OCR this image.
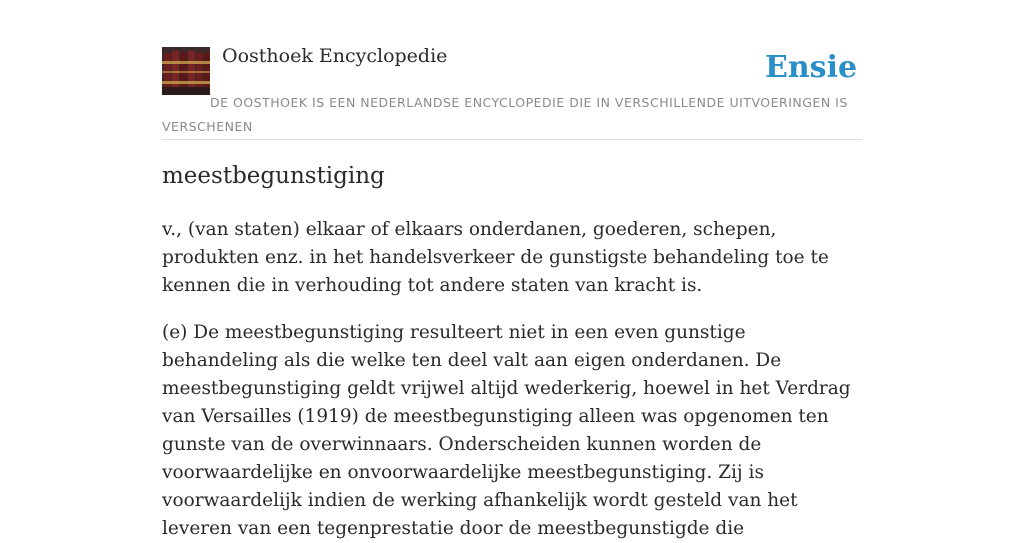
Oosthoek Encyclopedie	Ensie
DE OOSTHOEK IS EEN NEDERLANDSE ENCYCLOPEDIE DIE IN VERSCHILLENDE UITVOERINGEN IS VERSCHENEN
meestbegunstiging

v., (van staten) elkaar of elkaars onderdanen, goederen, schepen, produkten enz. in het handelsverkeer de gunstigste behandeling toe te kennen die in verhouding tot andere staten van kracht is.

(e) De meestbegunstiging resulteert niet in een even gunstige behandeling als die welke ten deel valt aan eigen onderdanen. De meestbegunstiging geldt vrijwel altijd wederkerig, hoewel in het Verdrag van Versailles (1919) de meestbegunstiging alleen was opgenomen ten gunste van de overwinnaars. Onderscheiden kunnen worden de voorwaardelijke en onvoorwaardelijke meestbegunstiging. Zij is voorwaardelijk indien de werking afhankelijk wordt gesteld van het leveren van een tegenprestatie door de meestbegunstigde die
